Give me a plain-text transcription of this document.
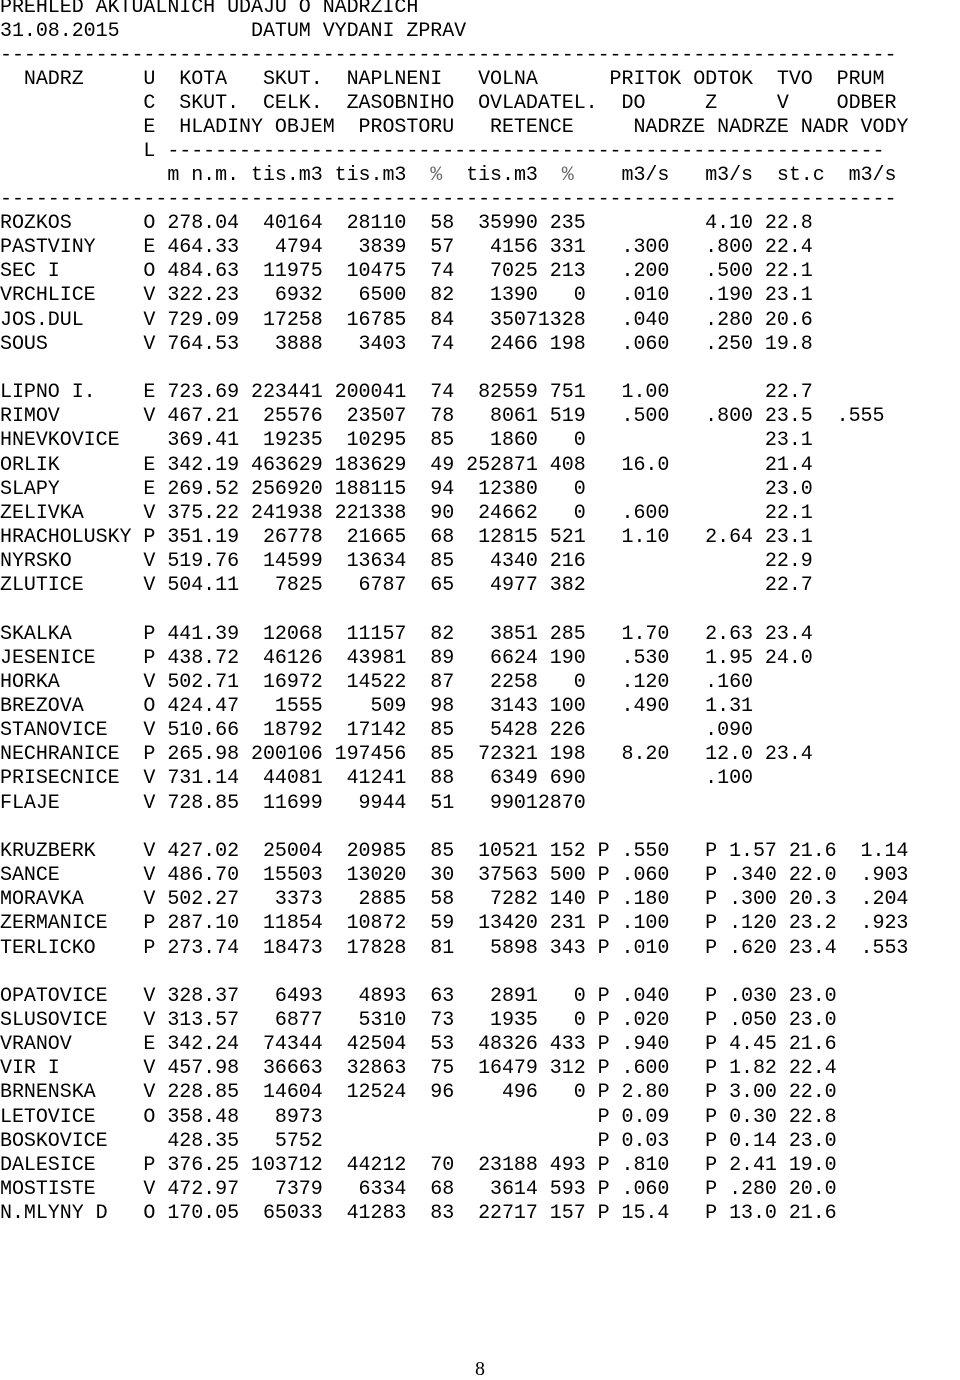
PREHLED AKTUALNICH UDAJU O NADRZICH
31.08.2015           DATUM VYDANI ZPRAV
---------------------------------------------------------------------------
NADRZ     U  KOTA   SKUT.  NAPLNENI   VOLNA      PRITOK ODTOK  TVO  PRUM
C  SKUT.  CELK.  ZASOBNIHO  OVLADATEL.  DO     Z     V    ODBER
E  HLADINY OBJEM  PROSTORU   RETENCE     NADRZE NADRZE NADR VODY
L ------------------------------------------------------------
m n.m. tis.m3 tis.m3  %  tis.m3  %    m3/s   m3/s  st.c  m3/s
---------------------------------------------------------------------------
ROZKOS      O 278.04  40164  28110  58  35990 235          4.10 22.8
PASTVINY    E 464.33   4794   3839  57   4156 331   .300   .800 22.4
SEC I       O 484.63  11975  10475  74   7025 213   .200   .500 22.1
VRCHLICE    V 322.23   6932   6500  82   1390   0   .010   .190 23.1
JOS.DUL     V 729.09  17258  16785  84   35071328   .040   .280 20.6
SOUS        V 764.53   3888   3403  74   2466 198   .060   .250 19.8
LIPNO I.    E 723.69 223441 200041  74  82559 751   1.00        22.7
RIMOV       V 467.21  25576  23507  78   8061 519   .500   .800 23.5  .555
HNEVKOVICE    369.41  19235  10295  85   1860   0               23.1
ORLIK       E 342.19 463629 183629  49 252871 408   16.0        21.4
SLAPY       E 269.52 256920 188115  94  12380   0               23.0
ZELIVKA     V 375.22 241938 221338  90  24662   0   .600        22.1
HRACHOLUSKY P 351.19  26778  21665  68  12815 521   1.10   2.64 23.1
NYRSKO      V 519.76  14599  13634  85   4340 216               22.9
ZLUTICE     V 504.11   7825   6787  65   4977 382               22.7
SKALKA      P 441.39  12068  11157  82   3851 285   1.70   2.63 23.4
JESENICE    P 438.72  46126  43981  89   6624 190   .530   1.95 24.0
HORKA       V 502.71  16972  14522  87   2258   0   .120   .160
BREZOVA     O 424.47   1555    509  98   3143 100   .490   1.31
STANOVICE   V 510.66  18792  17142  85   5428 226          .090
NECHRANICE  P 265.98 200106 197456  85  72321 198   8.20   12.0 23.4
PRISECNICE  V 731.14  44081  41241  88   6349 690          .100
FLAJE       V 728.85  11699   9944  51   99012870
KRUZBERK    V 427.02  25004  20985  85  10521 152 P .550   P 1.57 21.6  1.14
SANCE       V 486.70  15503  13020  30  37563 500 P .060   P .340 22.0  .903
MORAVKA     V 502.27   3373   2885  58   7282 140 P .180   P .300 20.3  .204
ZERMANICE   P 287.10  11854  10872  59  13420 231 P .100   P .120 23.2  .923
TERLICKO    P 273.74  18473  17828  81   5898 343 P .010   P .620 23.4  .553
OPATOVICE   V 328.37   6493   4893  63   2891   0 P .040   P .030 23.0
SLUSOVICE   V 313.57   6877   5310  73   1935   0 P .020   P .050 23.0
VRANOV      E 342.24  74344  42504  53  48326 433 P .940   P 4.45 21.6
VIR I       V 457.98  36663  32863  75  16479 312 P .600   P 1.82 22.4
BRNENSKA    V 228.85  14604  12524  96    496   0 P 2.80   P 3.00 22.0
LETOVICE    O 358.48   8973                       P 0.09   P 0.30 22.8
BOSKOVICE     428.35   5752                       P 0.03   P 0.14 23.0
DALESICE    P 376.25 103712  44212  70  23188 493 P .810   P 2.41 19.0
MOSTISTE    V 472.97   7379   6334  68   3614 593 P .060   P .280 20.0
N.MLYNY D   O 170.05  65033  41283  83  22717 157 P 15.4   P 13.0 21.6
8
